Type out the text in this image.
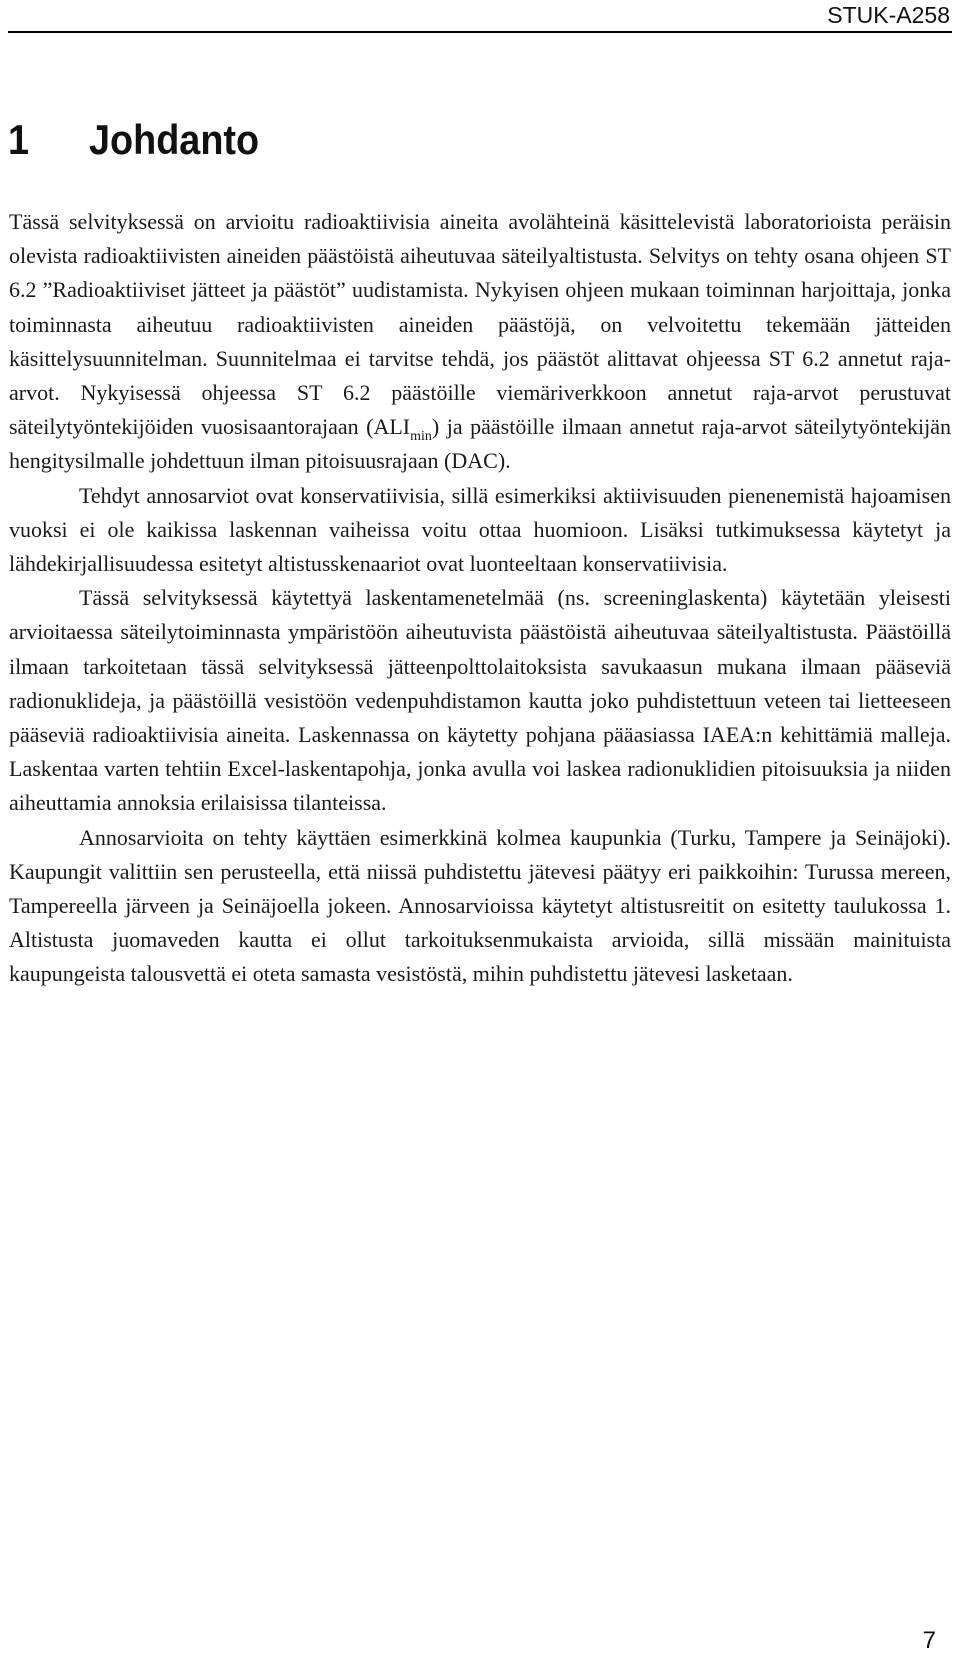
STUK-A258
1 Johdanto

Tässä selvityksessä on arvioitu radioaktiivisia aineita avolähteinä käsittelevistä laboratorioista peräisin olevista radioaktiivisten aineiden päästöistä aiheutuvaa säteilyaltistusta. Selvitys on tehty osana ohjeen ST 6.2 ”Radioaktiiviset jätteet ja päästöt” uudistamista. Nykyisen ohjeen mukaan toiminnan harjoittaja, jonka toiminnasta aiheutuu radioaktiivisten aineiden päästöjä, on velvoitettu tekemään jätteiden käsittelysuunnitelman. Suunnitelmaa ei tarvitse tehdä, jos päästöt alittavat ohjeessa ST 6.2 annetut raja-arvot. Nykyisessä ohjeessa ST 6.2 päästöille viemäriverkkoon annetut raja-arvot perustuvat säteilytyöntekijöiden vuosisaantorajaan $(ALI_{min})$ ja päästöille ilmaan annetut raja-arvot säteilytyöntekijän hengitysilmalle johdettuun ilman pitoisuusrajaan (DAC).

Tehdyt annosarviot ovat konservatiivisia, sillä esimerkiksi aktiivisuuden pienenemistä hajoamisen vuoksi ei ole kaikissa laskennan vaiheissa voitu ottaa huomioon. Lisäksi tutkimuksessa käytetyt ja lähdekirjallisuudessa esitetyt altistusskenaariot ovat luonteeltaan konservatiivisia.

Tässä selvityksessä käytettyä laskentamenetelmää (ns. screeninglaskenta) käytetään yleisesti arvioitaessa säteilytoiminnasta ympäristöön aiheutuvista päästöistä aiheutuvaa säteilyaltistusta. Päästöillä ilmaan tarkoitetaan tässä selvityksessä jätteenpolttolaitoksista savukaasun mukana ilmaan pääseviä radionuklideja, ja päästöillä vesistöön vedenpuhdistamon kautta joko puhdistettuun veteen tai lietteeseen pääseviä radioaktiivisia aineita. Laskennassa on käytetty pohjana pääasiassa IAEA:n kehittämiä malleja. Laskentaa varten tehtiin Excel-laskentapohja, jonka avulla voi laskea radionuklidien pitoisuuksia ja niiden aiheuttamia annoksia erilaisissa tilanteissa.

Annosarvioita on tehty käyttäen esimerkkinä kolmea kaupunkia (Turku, Tampere ja Seinäjoki). Kaupungit valittiin sen perusteella, että niissä puhdistettu jätevesi päätyy eri paikkoihin: Turussa mereen, Tampereella järveen ja Seinäjoella jokeen. Annosarvioissa käytetyt altistusreitit on esitetty taulukossa 1. Altistusta juomaveden kautta ei ollut tarkoituksenmukaista arvioida, sillä missään mainituista kaupungeista talousvettä ei oteta samasta vesistöstä, mihin puhdistettu jätevesi lasketaan.

7
